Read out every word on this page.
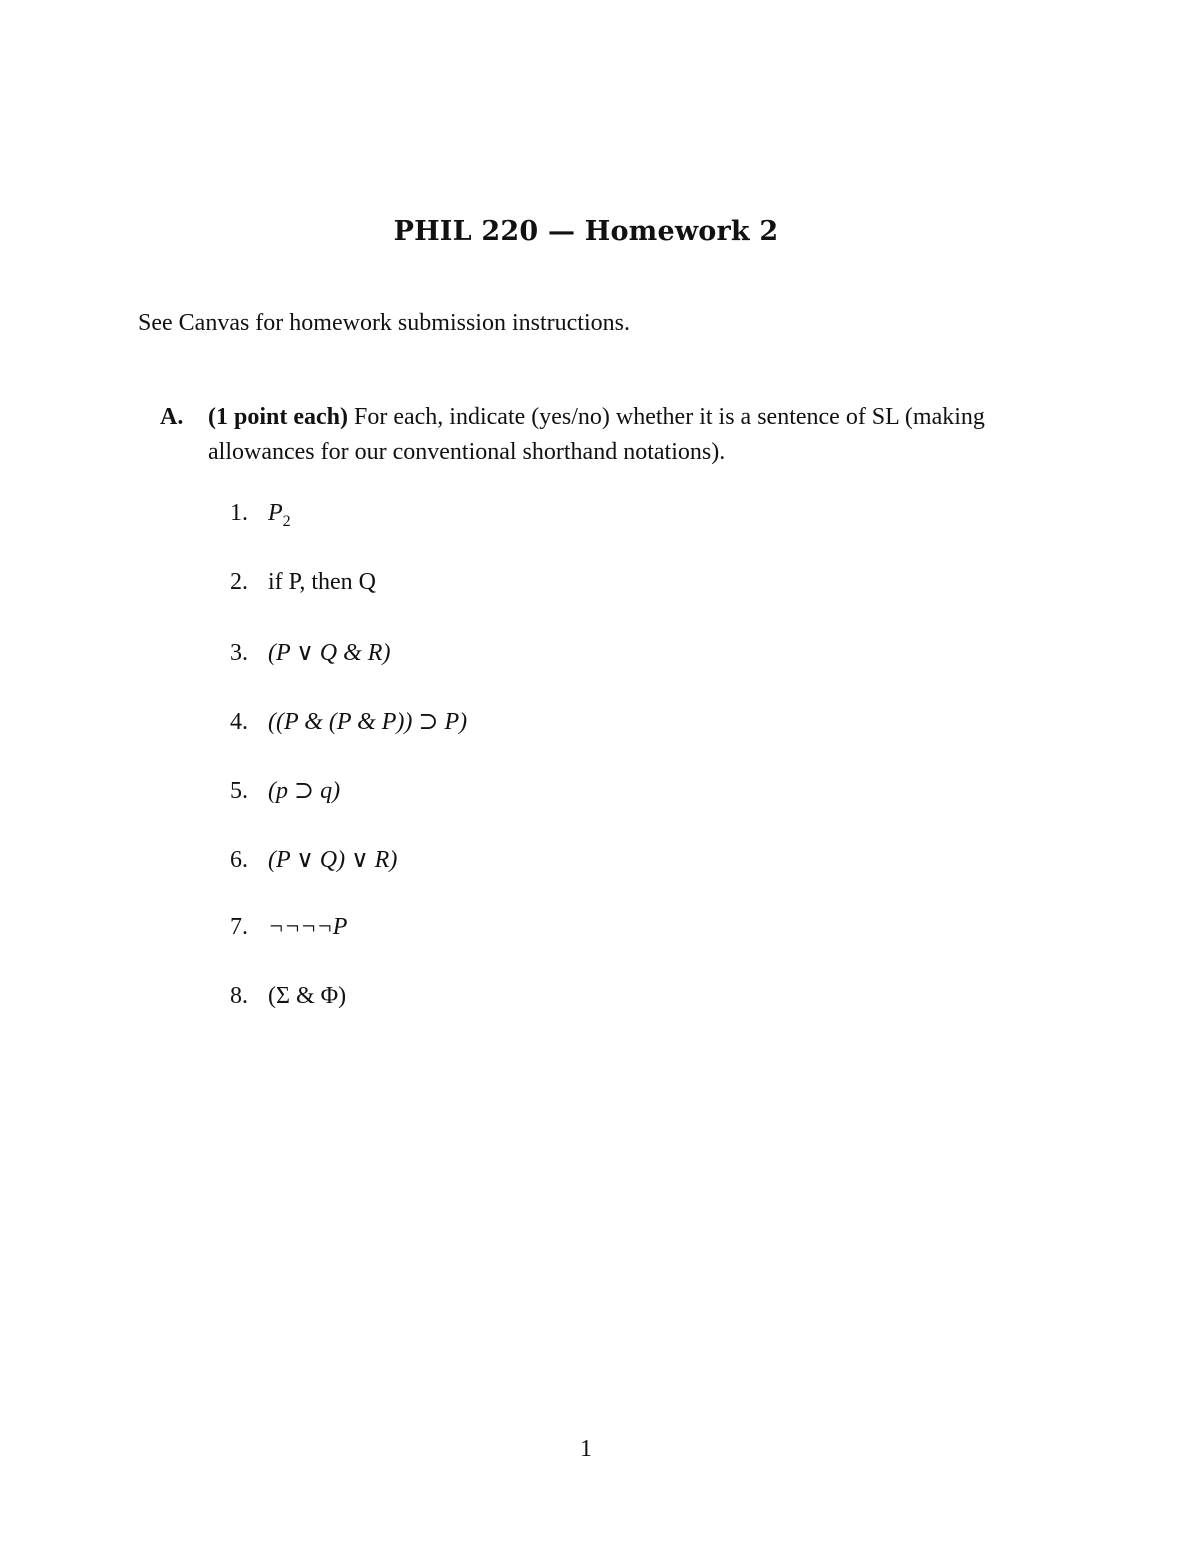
PHIL 220 — Homework 2
See Canvas for homework submission instructions.
A. (1 point each) For each, indicate (yes/no) whether it is a sentence of SL (making allowances for our conventional shorthand notations).
1. $P_2$
2. if P, then Q
3. (P ∨ Q & R)
4. ((P & (P & P)) ⊃ P)
5. (p ⊃ q)
6. (P ∨ Q) ∨ R)
7. ¬¬¬¬P
8. (Σ & Φ)
1
